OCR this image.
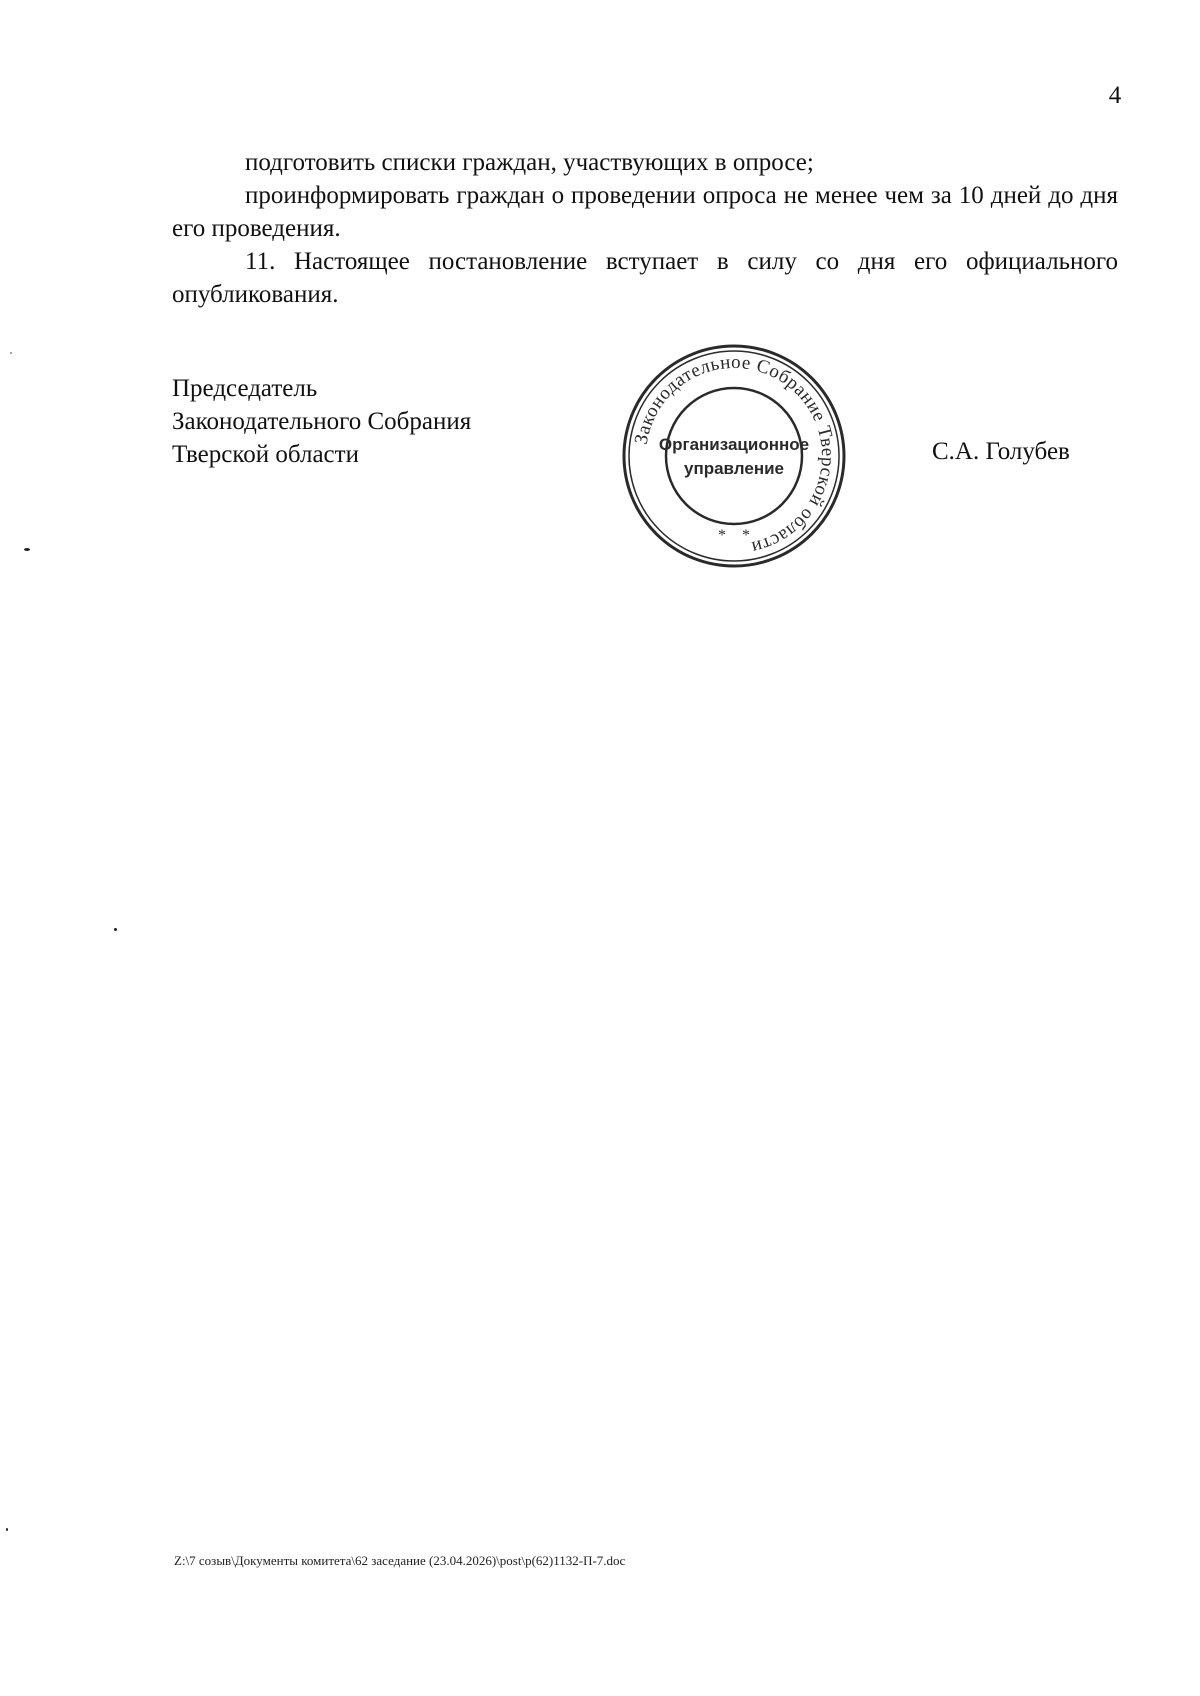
4

подготовить списки граждан, участвующих в опросе;

проинформировать граждан о проведении опроса не менее чем за 10 дней до дня его проведения.

11. Настоящее постановление вступает в силу со дня его официального опубликования.

Председатель
Законодательного Собрания
Тверской области
Законодательное Собрание Тверской области
Организационное
управление
*    *
С.А. Голубев
Z:\7 созыв\Документы комитета\62 заседание (23.04.2026)\post\р(62)1132-П-7.doc
